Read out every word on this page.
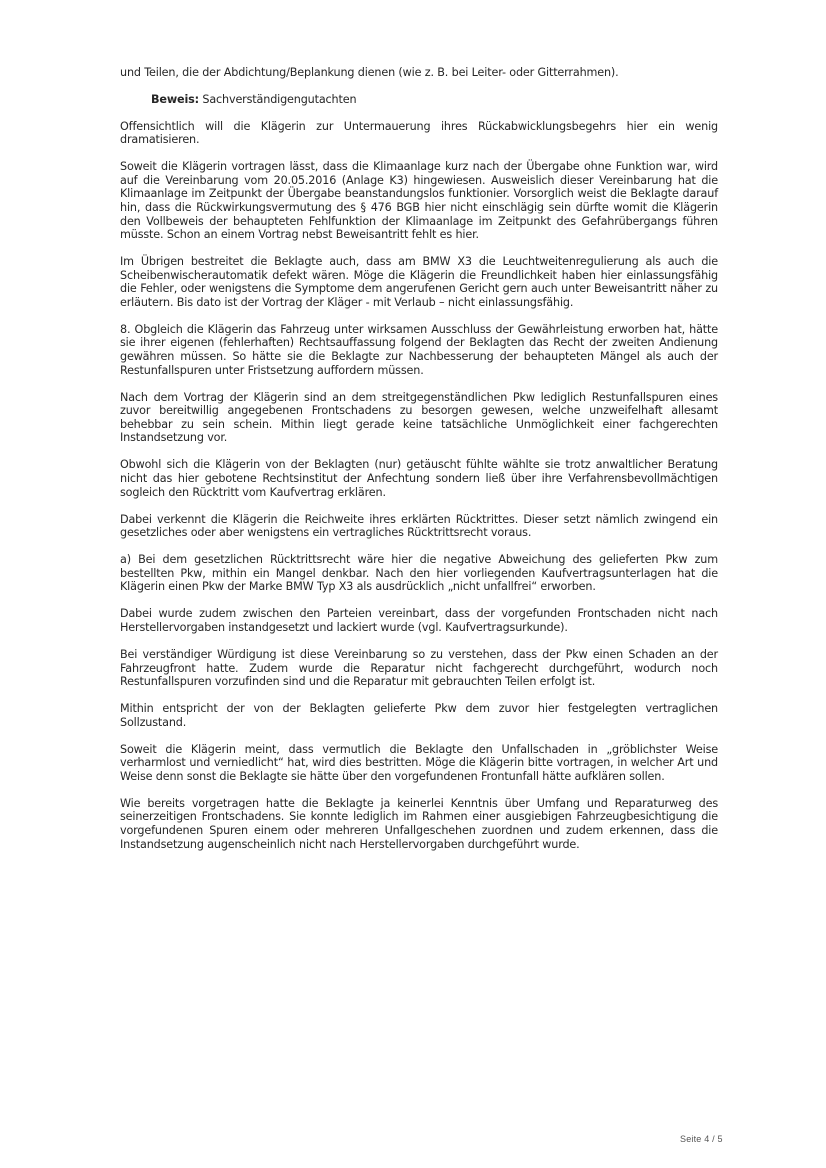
und Teilen, die der Abdichtung/Beplankung dienen (wie z. B. bei Leiter- oder Gitterrahmen).

Beweis: Sachverständigengutachten

Offensichtlich will die Klägerin zur Untermauerung ihres Rückabwicklungsbegehrs hier ein wenig dramatisieren.

Soweit die Klägerin vortragen lässt, dass die Klimaanlage kurz nach der Übergabe ohne Funktion war, wird auf die Vereinbarung vom 20.05.2016 (Anlage K3) hingewiesen. Ausweislich dieser Vereinbarung hat die Klimaanlage im Zeitpunkt der Übergabe beanstandungslos funktionier. Vorsorglich weist die Beklagte darauf hin, dass die Rückwirkungsvermutung des § 476 BGB hier nicht einschlägig sein dürfte womit die Klägerin den Vollbeweis der behaupteten Fehlfunktion der Klimaanlage im Zeitpunkt des Gefahrübergangs führen müsste. Schon an einem Vortrag nebst Beweisantritt fehlt es hier.

Im Übrigen bestreitet die Beklagte auch, dass am BMW X3 die Leuchtweitenregulierung als auch die Scheibenwischerautomatik defekt wären. Möge die Klägerin die Freundlichkeit haben hier einlassungsfähig die Fehler, oder wenigstens die Symptome dem angerufenen Gericht gern auch unter Beweisantritt näher zu erläutern. Bis dato ist der Vortrag der Kläger - mit Verlaub – nicht einlassungsfähig.

8. Obgleich die Klägerin das Fahrzeug unter wirksamen Ausschluss der Gewährleistung erworben hat, hätte sie ihrer eigenen (fehlerhaften) Rechtsauffassung folgend der Beklagten das Recht der zweiten Andienung gewähren müssen. So hätte sie die Beklagte zur Nachbesserung der behaupteten Mängel als auch der Restunfallspuren unter Fristsetzung auffordern müssen.

Nach dem Vortrag der Klägerin sind an dem streitgegenständlichen Pkw lediglich Restunfallspuren eines zuvor bereitwillig angegebenen Frontschadens zu besorgen gewesen, welche unzweifelhaft allesamt behebbar zu sein schein. Mithin liegt gerade keine tatsächliche Unmöglichkeit einer fachgerechten Instandsetzung vor.

Obwohl sich die Klägerin von der Beklagten (nur) getäuscht fühlte wählte sie trotz anwaltlicher Beratung nicht das hier gebotene Rechtsinstitut der Anfechtung sondern ließ über ihre Verfahrensbevollmächtigen sogleich den Rücktritt vom Kaufvertrag erklären.

Dabei verkennt die Klägerin die Reichweite ihres erklärten Rücktrittes. Dieser setzt nämlich zwingend ein gesetzliches oder aber wenigstens ein vertragliches Rücktrittsrecht voraus.

a) Bei dem gesetzlichen Rücktrittsrecht wäre hier die negative Abweichung des gelieferten Pkw zum bestellten Pkw, mithin ein Mangel denkbar. Nach den hier vorliegenden Kaufvertragsunterlagen hat die Klägerin einen Pkw der Marke BMW Typ X3 als ausdrücklich „nicht unfallfrei“ erworben.

Dabei wurde zudem zwischen den Parteien vereinbart, dass der vorgefunden Frontschaden nicht nach Herstellervorgaben instandgesetzt und lackiert wurde (vgl. Kaufvertragsurkunde).

Bei verständiger Würdigung ist diese Vereinbarung so zu verstehen, dass der Pkw einen Schaden an der Fahrzeugfront hatte. Zudem wurde die Reparatur nicht fachgerecht durchgeführt, wodurch noch Restunfallspuren vorzufinden sind und die Reparatur mit gebrauchten Teilen erfolgt ist.

Mithin entspricht der von der Beklagten gelieferte Pkw dem zuvor hier festgelegten vertraglichen Sollzustand.

Soweit die Klägerin meint, dass vermutlich die Beklagte den Unfallschaden in „gröblichster Weise verharmlost und verniedlicht“ hat, wird dies bestritten. Möge die Klägerin bitte vortragen, in welcher Art und Weise denn sonst die Beklagte sie hätte über den vorgefundenen Frontunfall hätte aufklären sollen.

Wie bereits vorgetragen hatte die Beklagte ja keinerlei Kenntnis über Umfang und Reparaturweg des seinerzeitigen Frontschadens. Sie konnte lediglich im Rahmen einer ausgiebigen Fahrzeugbesichtigung die vorgefundenen Spuren einem oder mehreren Unfallgeschehen zuordnen und zudem erkennen, dass die Instandsetzung augenscheinlich nicht nach Herstellervorgaben durchgeführt wurde.

Seite 4 / 5
